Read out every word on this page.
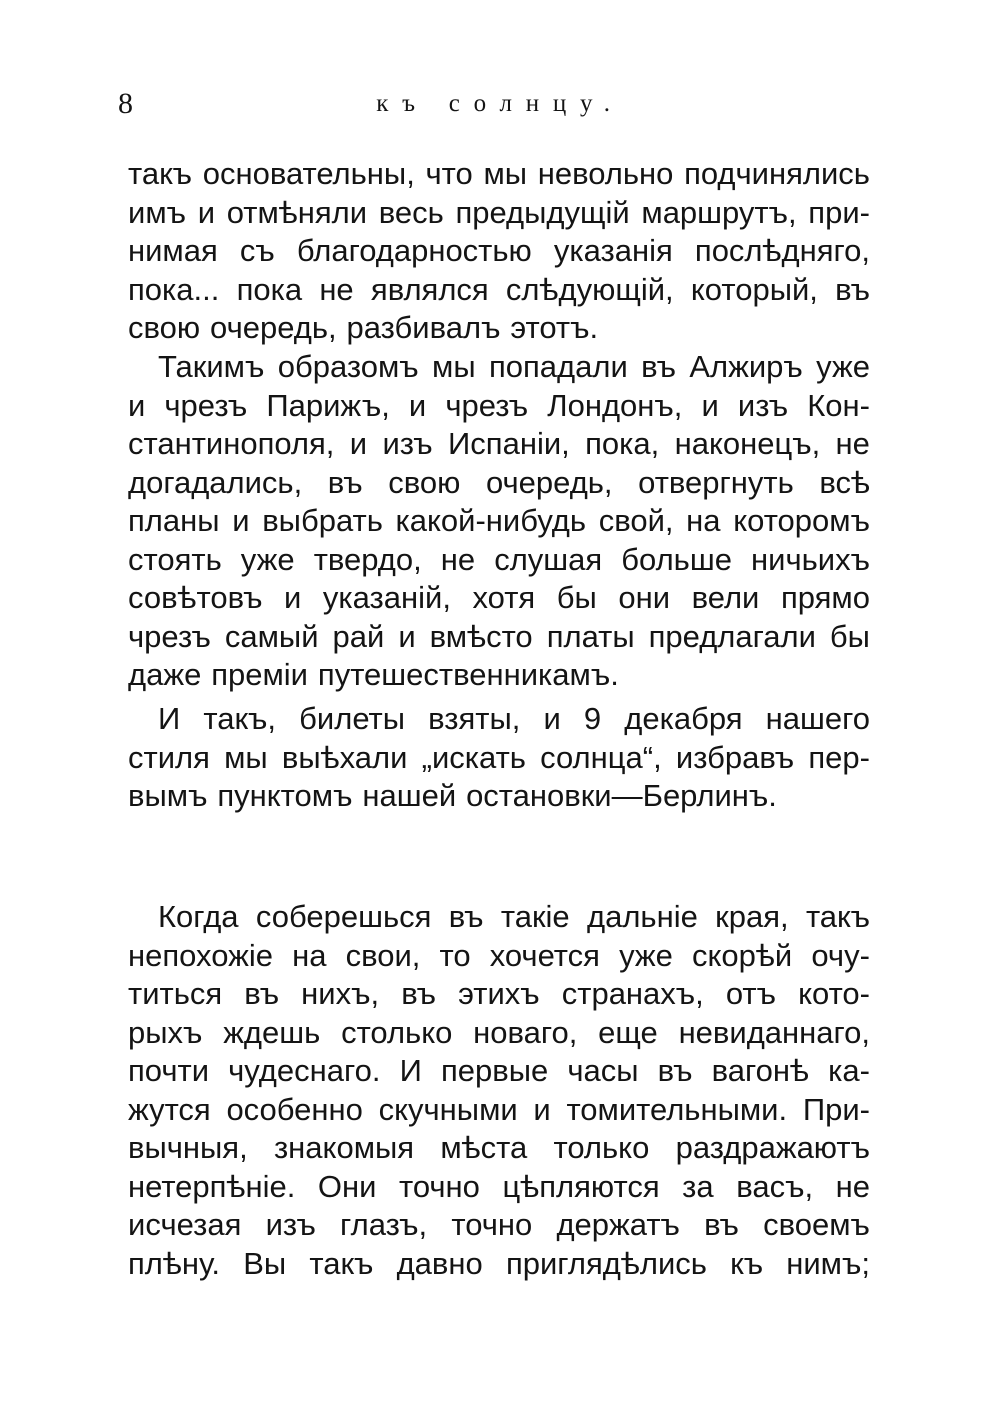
8	къ солнцу.
такъ основательны, что мы невольно подчинялись
имъ и отмѣняли весь предыдущій маршрутъ, при-
нимая съ благодарностью указанія послѣдняго,
пока... пока не являлся слѣдующій, который, въ
свою очередь, разбивалъ этотъ.
Такимъ образомъ мы попадали въ Алжиръ уже
и чрезъ Парижъ, и чрезъ Лондонъ, и изъ Кон-
стантинополя, и изъ Испаніи, пока, наконецъ, не
догадались, въ свою очередь, отвергнуть всѣ
планы и выбрать какой-нибудь свой, на которомъ
стоять уже твердо, не слушая больше ничьихъ
совѣтовъ и указаній, хотя бы они вели прямо
чрезъ самый рай и вмѣсто платы предлагали бы
даже преміи путешественникамъ.
И такъ, билеты взяты, и 9 декабря нашего
стиля мы выѣхали „искать солнца“, избравъ пер-
вымъ пунктомъ нашей остановки—Берлинъ.
Когда соберешься въ такіе дальніе края, такъ
непохожіе на свои, то хочется уже скорѣй очу-
титься въ нихъ, въ этихъ странахъ, отъ кото-
рыхъ ждешь столько новаго, еще невиданнаго,
почти чудеснаго. И первые часы въ вагонѣ ка-
жутся особенно скучными и томительными. При-
вычныя, знакомыя мѣста только раздражаютъ
нетерпѣніе. Они точно цѣпляются за васъ, не
исчезая изъ глазъ, точно держатъ въ своемъ
плѣну. Вы такъ давно приглядѣлись къ нимъ;
